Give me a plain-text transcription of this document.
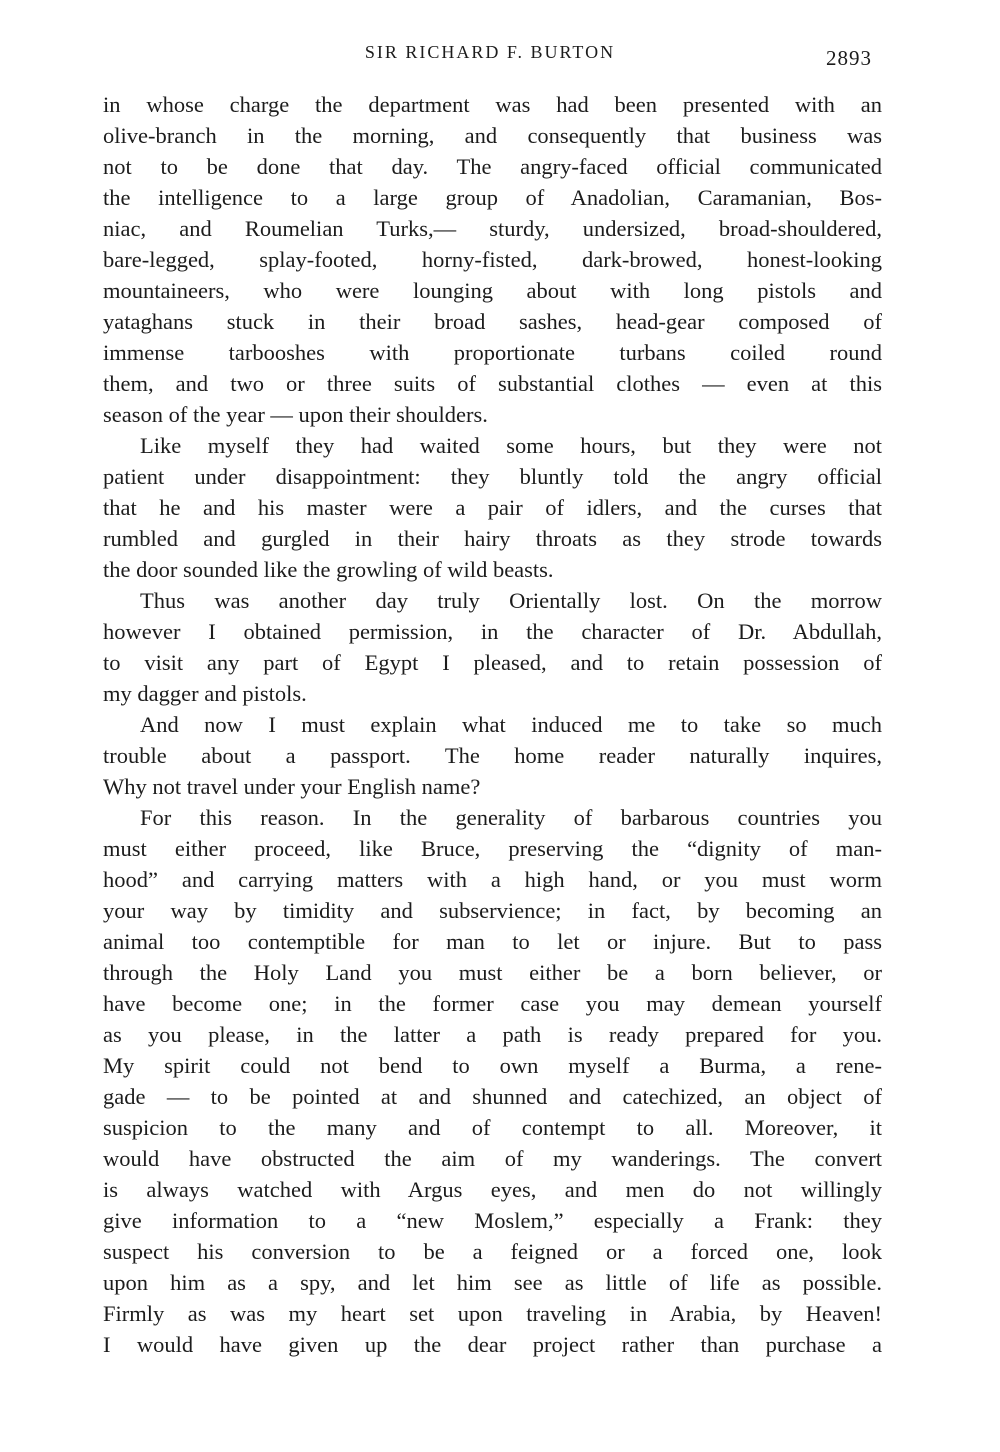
SIR RICHARD F. BURTON	2893
in whose charge the department was had been presented with an
olive-branch in the morning, and consequently that business was
not to be done that day. The angry-faced official communicated
the intelligence to a large group of Anadolian, Caramanian, Bos-
niac, and Roumelian Turks,— sturdy, undersized, broad-shouldered,
bare-legged, splay-footed, horny-fisted, dark-browed, honest-looking
mountaineers, who were lounging about with long pistols and
yataghans stuck in their broad sashes, head-gear composed of
immense tarbooshes with proportionate turbans coiled round
them, and two or three suits of substantial clothes — even at this
season of the year — upon their shoulders.
Like myself they had waited some hours, but they were not
patient under disappointment: they bluntly told the angry official
that he and his master were a pair of idlers, and the curses that
rumbled and gurgled in their hairy throats as they strode towards
the door sounded like the growling of wild beasts.
Thus was another day truly Orientally lost. On the morrow
however I obtained permission, in the character of Dr. Abdullah,
to visit any part of Egypt I pleased, and to retain possession of
my dagger and pistols.
And now I must explain what induced me to take so much
trouble about a passport. The home reader naturally inquires,
Why not travel under your English name?
For this reason. In the generality of barbarous countries you
must either proceed, like Bruce, preserving the “dignity of man-
hood” and carrying matters with a high hand, or you must worm
your way by timidity and subservience; in fact, by becoming an
animal too contemptible for man to let or injure. But to pass
through the Holy Land you must either be a born believer, or
have become one; in the former case you may demean yourself
as you please, in the latter a path is ready prepared for you.
My spirit could not bend to own myself a Burma, a rene-
gade — to be pointed at and shunned and catechized, an object of
suspicion to the many and of contempt to all. Moreover, it
would have obstructed the aim of my wanderings. The convert
is always watched with Argus eyes, and men do not willingly
give information to a “new Moslem,” especially a Frank: they
suspect his conversion to be a feigned or a forced one, look
upon him as a spy, and let him see as little of life as possible.
Firmly as was my heart set upon traveling in Arabia, by Heaven!
I would have given up the dear project rather than purchase a
